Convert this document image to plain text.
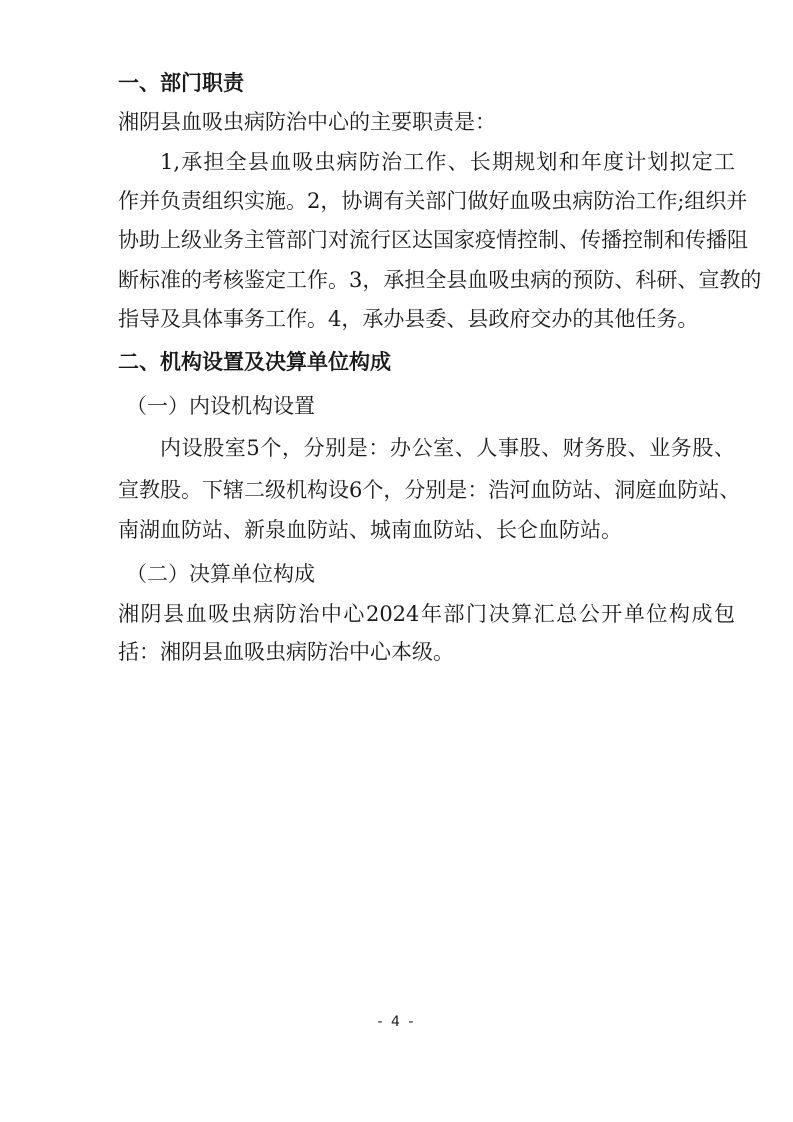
一、部门职责
湘阴县血吸虫病防治中心的主要职责是：
1,承担全县血吸虫病防治工作、长期规划和年度计划拟定工
作并负责组织实施。2，协调有关部门做好血吸虫病防治工作;组织并
协助上级业务主管部门对流行区达国家疫情控制、传播控制和传播阻
断标准的考核鉴定工作。3，承担全县血吸虫病的预防、科研、宣教的
指导及具体事务工作。4，承办县委、县政府交办的其他任务。
二、机构设置及决算单位构成
（一）内设机构设置
内设股室5个，分别是：办公室、人事股、财务股、业务股、
宣教股。下辖二级机构设6个，分别是：浩河血防站、洞庭血防站、
南湖血防站、新泉血防站、城南血防站、长仑血防站。
（二）决算单位构成
湘阴县血吸虫病防治中心2024年部门决算汇总公开单位构成包
括：湘阴县血吸虫病防治中心本级。
- 4 -
